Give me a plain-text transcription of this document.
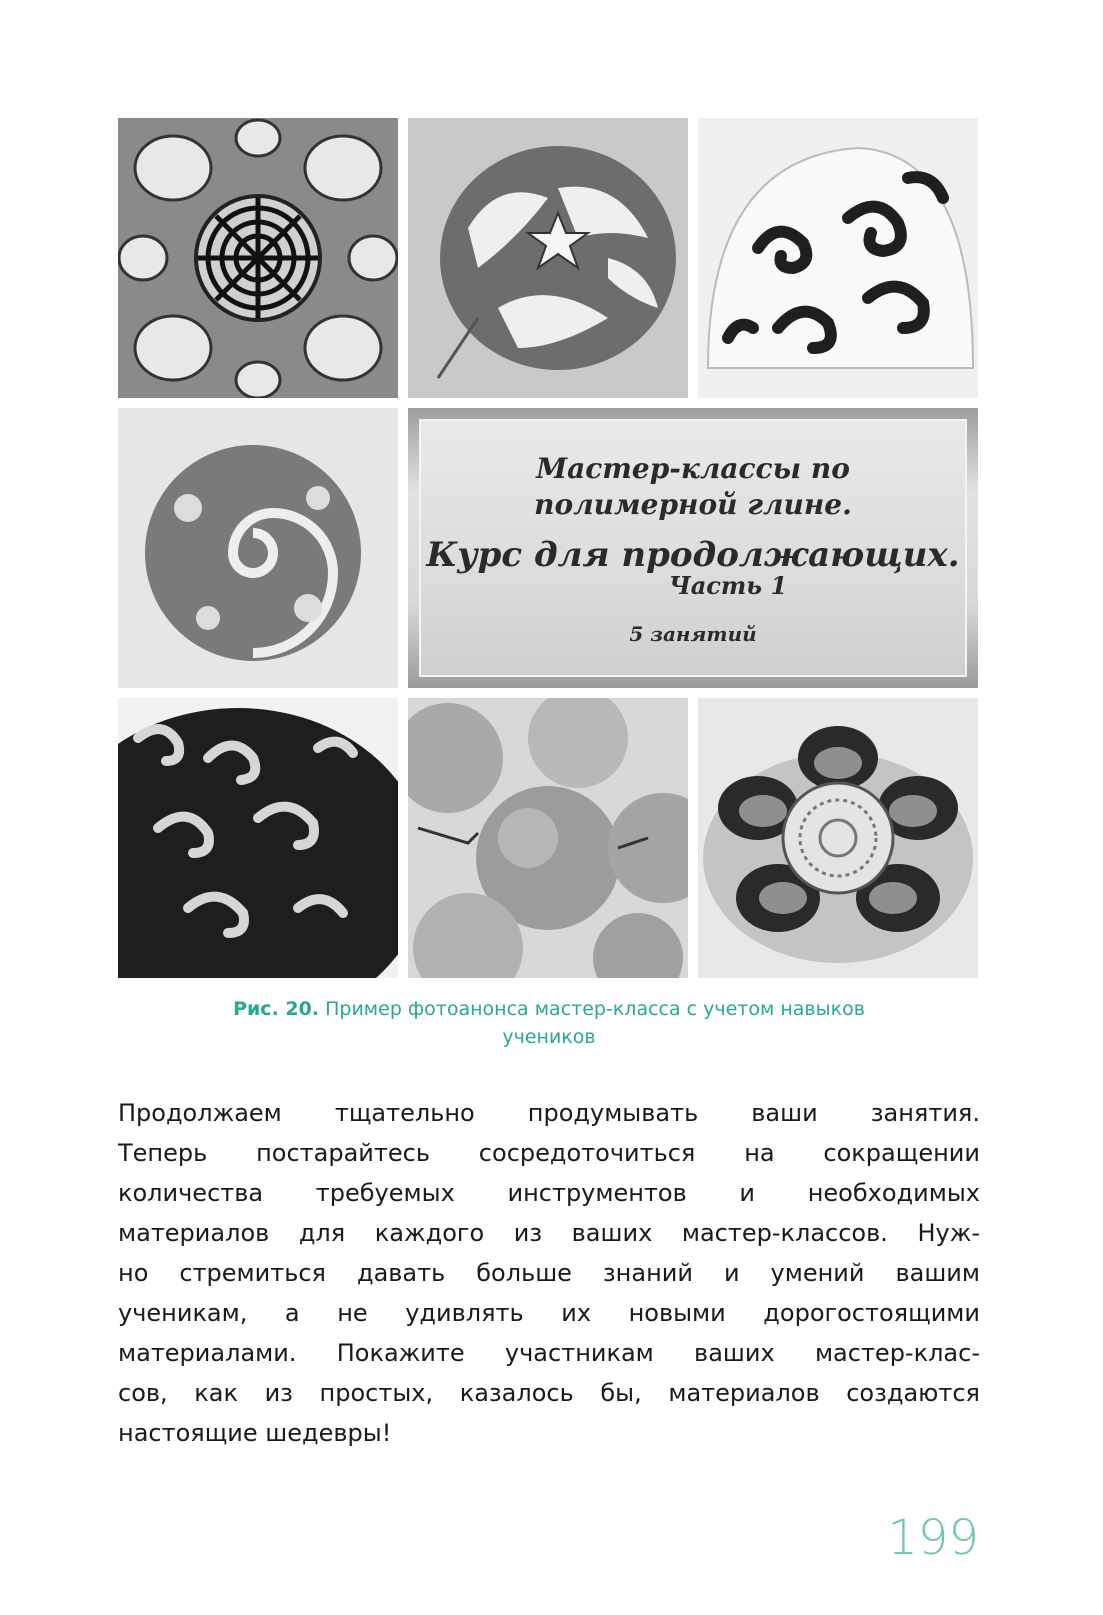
Мастер-классы по
полимерной глине.
Курс для продолжающих.
Часть 1
5 занятий
Рис. 20. Пример фотоанонса мастер-класса с учетом навыков
учеников
Продолжаем тщательно продумывать ваши занятия.
Теперь постарайтесь сосредоточиться на сокращении
количества требуемых инструментов и необходимых
материалов для каждого из ваших мастер-классов. Нуж-
но стремиться давать больше знаний и умений вашим
ученикам, а не удивлять их новыми дорогостоящими
материалами. Покажите участникам ваших мастер-клас-
сов, как из простых, казалось бы, материалов создаются
настоящие шедевры!
199
